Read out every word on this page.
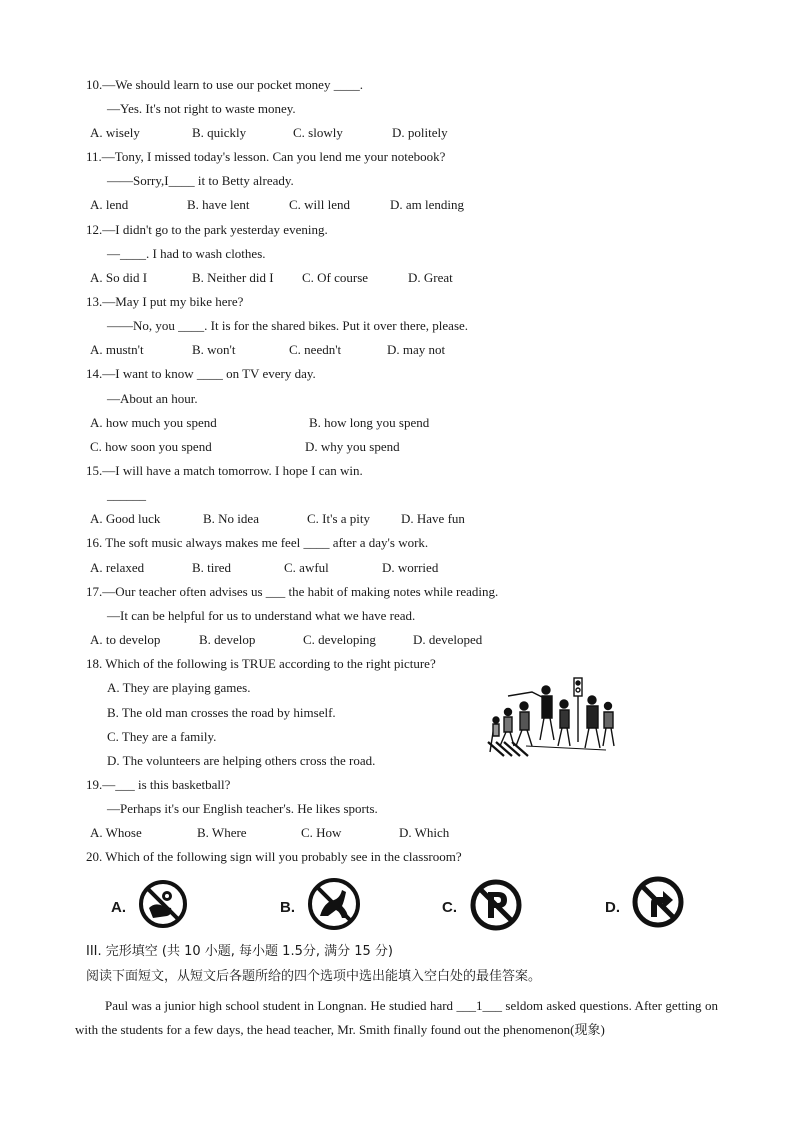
10.—We should learn to use our pocket money ____.
—Yes. It's not right to waste money.
A. wisely	B. quickly	C. slowly	D. politely
11.—Tony, I missed today's lesson. Can you lend me your notebook?
——Sorry,I____ it to Betty already.
A. lend	B. have lent	C. will lend	D. am lending
12.—I didn't go to the park yesterday evening.
—____. I had to wash clothes.
A. So did I	B. Neither did I C. Of course	D. Great
13.—May I put my bike here?
——No, you ____. It is for the shared bikes. Put it over there, please.
A. mustn't	B. won't	C. needn't	D. may not
14.—I want to know ____ on TV every day.
—About an hour.
A. how much you spend	B. how long you spend
C. how soon you spend	D. why you spend
15.—I will have a match tomorrow. I hope I can win.
______
A. Good luck	B. No idea	C. It's a pity D. Have fun
16. The soft music always makes me feel ____ after a day's work.
A. relaxed	B. tired	C. awful	D. worried
17.—Our teacher often advises us ___ the habit of making notes while reading.
—It can be helpful for us to understand what we have read.
A. to develop	B. develop	C. developing	D. developed
18. Which of the following is TRUE according to the right picture?
A. They are playing games.
B. The old man crosses the road by himself.
C. They are a family.
D. The volunteers are helping others cross the road.
19.—___ is this basketball?
—Perhaps it's our English teacher's. He likes sports.
A. Whose	B. Where	C. How	D. Which
20. Which of the following sign will you probably see in the classroom?
A.	B.	C.	D.
III. 完形填空 (共 10 小题, 每小题 1.5分, 满分 15 分)
阅读下面短文，从短文后各题所给的四个选项中选出能填入空白处的最佳答案。
Paul was a junior high school student in Longnan. He studied hard ___1___ seldom asked questions. After getting on with the students for a few days, the head teacher, Mr. Smith finally found out the phenomenon(现象)
